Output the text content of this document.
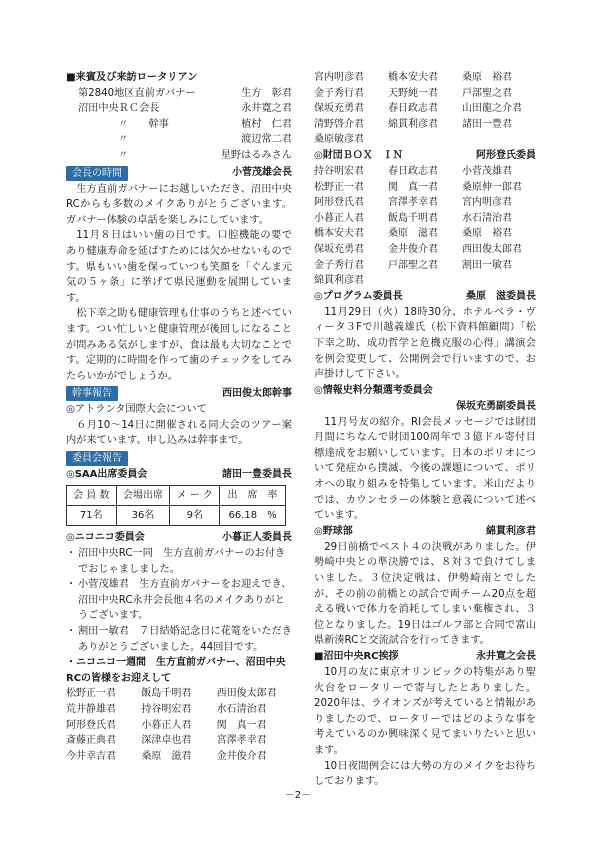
■来賓及び来訪ロータリアン
第2840地区直前ガバナー	生方　彰君
沼田中央ＲＣ会長	永井寛之君
〃　　幹事	植村　仁君
〃	渡辺常二君
〃	星野はるみさん
会長の時間	小菅茂雄会長

生方直前ガバナーにお越しいただき、沼田中央RCからも多数のメイクありがとうございます。ガバナー体験の卓話を楽しみにしています。

11月８日はいい歯の日です。口腔機能の要であり健康寿命を延ばすためには欠かせないものです。県もいい歯を保っていつも笑顔を「ぐんま元気の５ヶ条」に挙げて県民運動を展開しています。

松下幸之助も健康管理も仕事のうちと述べています。つい忙しいと健康管理が後回しになることが問みある気がしますが、食は最も大切なことです。定期的に時間を作って歯のチェックをしてみたらいかがでしょうか。

幹事報告	西田俊太郎幹事
◎アトランタ国際大会について

６月10～14日に開催される同大会のツアー案内が来ています。申し込みは幹事まで。

委員会報告
◎SAA出席委員会	諸田一豊委員長
会 員 数	会場出席	メ ー ク	出　席　率
71名	36名	9名	66.18　%
◎ニコニコ委員会	小暮正人委員長
・ 沼田中央RC一同　生方直前ガバナーのお付きでおじゃましました。
・ 小菅茂雄君　生方直前ガバナーをお迎えでき、沼田中央RC永井会長他４名のメイクありがとうございます。
・ 割田一敏君　７日結婚記念日に花篭をいただきありがとうございました。44回目です。
・ニコニコ一週間　生方直前ガバナー、沼田中央RCの皆様をお迎えして
松野正一君	飯島千明君	西田俊太郎君
荒井静雄君	持谷明宏君	水石清治君
阿形登氏君	小暮正人君	関　真一君
斎藤正典君	深津卓也君	宮澤孝幸君
今井幸吉君	桑原　滋君	金井俊介君
宮内明彦君	橋本安夫君	桑原　裕君
金子秀行君	天野純一君	戸部聖之君
保坂充勇君	春日政志君	山田龍之介君
清野啓介君	綿貫利彦君	諸田一豊君
桑原敏彦君
◎財団ＢＯＸ　ＩＮ	阿形登氏委員
持谷明宏君	春日政志君	小菅茂雄君
松野正一君	関　真一君	桑原伸一郎君
阿形登氏君	宮澤孝幸君	宮内明彦君
小暮正人君	飯島千明君	水石清治君
橋本安夫君	桑原　滋君	桑原　裕君
保坂充勇君	金井俊介君	西田俊太郎君
金子秀行君	戸部聖之君	割田一敏君
綿貫利彦君
◎プログラム委員長	桑原　滋委員長

11月29日（火）18時30分、ホテルベラ・ヴィータ３Fで川越義雄氏（松下資料館顧問）「松下幸之助、成功哲学と危機克服の心得」講演会を例会変更して、公開例会で行いますので、お声掛けして下さい。

◎情報史料分類選考委員会
保坂充勇副委員長

11月号友の紹介。RI会長メッセージでは財団月間にちなんで財団100周年で３億ドル寄付目標達成をお願いしています。日本のポリオについて発症から撲滅、今後の課題について、ポリオへの取り組みを特集しています。米山だよりでは、カウンセラーの体験と意義について述べています。

◎野球部	綿貫利彦君

29日前橋でベスト４の決戦がありました。伊勢崎中央との準決勝では、８対３で負けてしまいました。３位決定戦は、伊勢崎南とでしたが、その前の前橋との試合で両チーム20点を超える戦いで体力を消耗してしまい棄権され、３位となりました。19日はゴルフ部と合同で富山県新湊RCと交流試合を行ってきます。

■沼田中央RC挨拶	永井寛之会長

10月の友に東京オリンピックの特集があり聖火台をロータリーで寄与したとありました。2020年は、ライオンズが考えていると情報がありましたので、ロータリーではどのような事を考えているのか興味深く見てまいりたいと思います。

10日夜間例会には大勢の方のメイクをお待ちしております。

－2－
